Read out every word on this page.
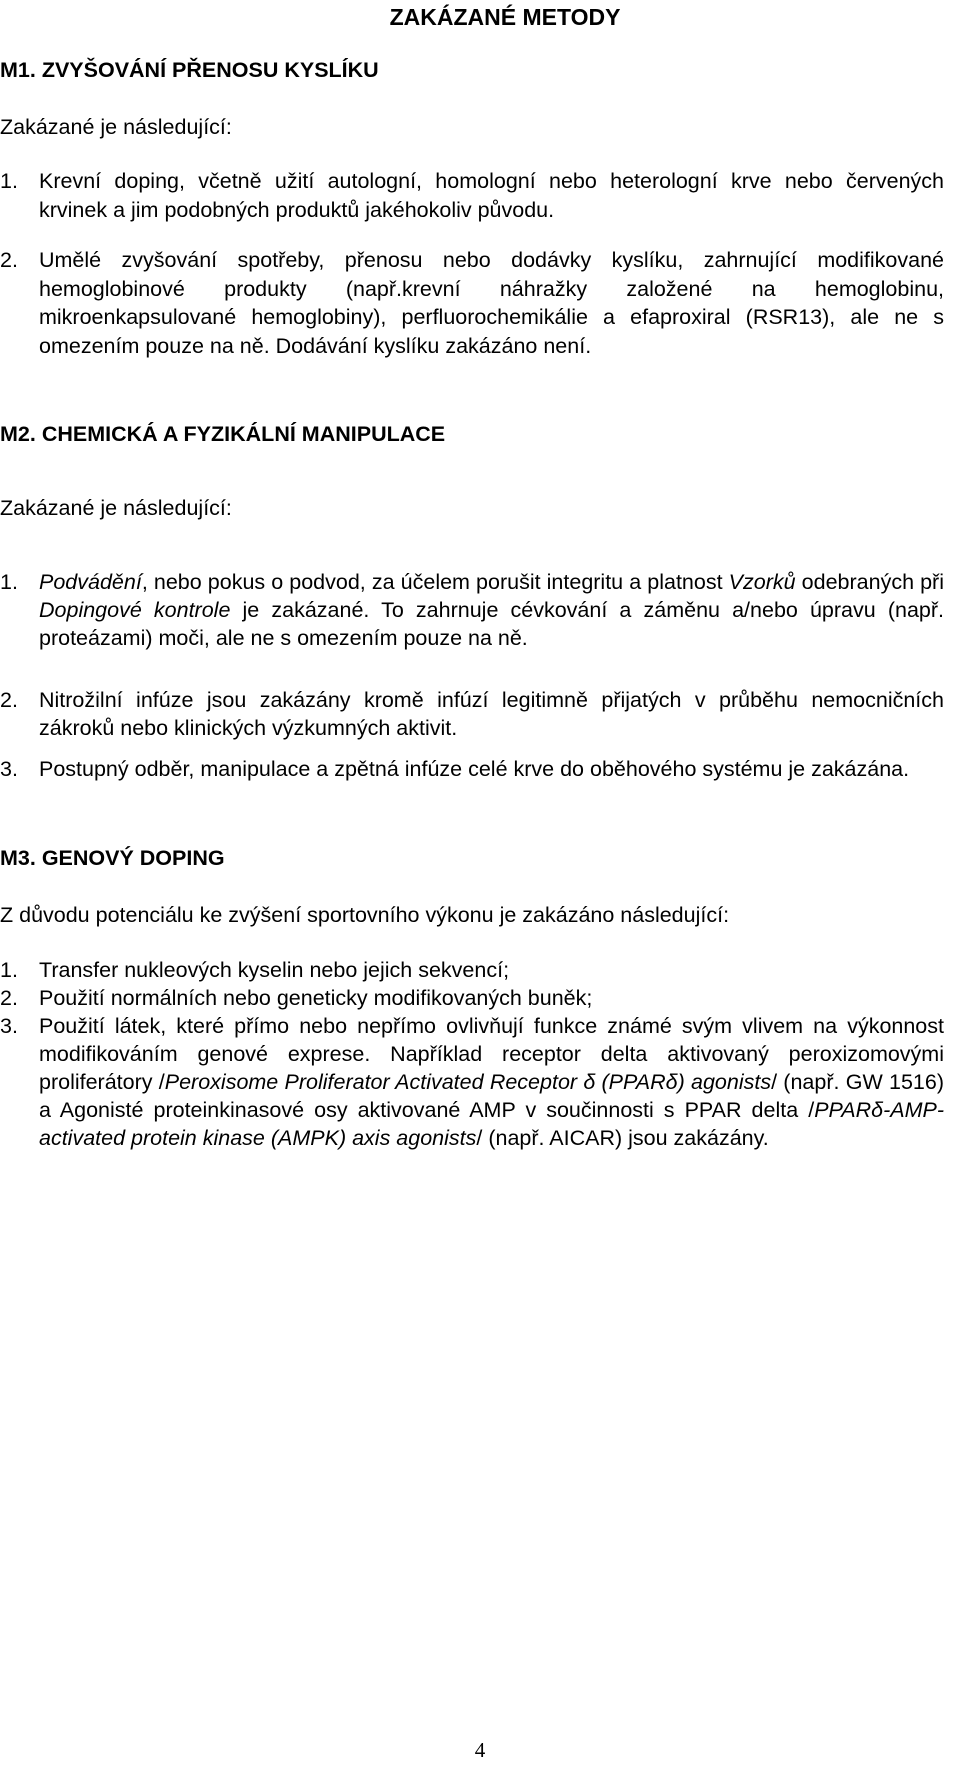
ZAKÁZANÉ METODY
M1. ZVYŠOVÁNÍ PŘENOSU KYSLÍKU
Zakázané je následující:
1. Krevní doping, včetně užití autologní, homologní nebo heterologní krve nebo červených krvinek a jim podobných produktů jakéhokoliv původu.
2. Umělé zvyšování spotřeby, přenosu nebo dodávky kyslíku, zahrnující modifikované hemoglobinové produkty (např.krevní náhražky založené na hemoglobinu, mikroenkapsulované hemoglobiny), perfluorochemikálie a efaproxiral (RSR13), ale ne s omezením pouze na ně. Dodávání kyslíku zakázáno není.
M2. CHEMICKÁ A FYZIKÁLNÍ MANIPULACE
Zakázané je následující:
1. Podvádění, nebo pokus o podvod, za účelem porušit integritu a platnost Vzorků odebraných při Dopingové kontrole je zakázané. To zahrnuje cévkování a záměnu a/nebo úpravu (např. proteázami) moči, ale ne s omezením pouze na ně.
2. Nitrožilní infúze jsou zakázány kromě infúzí legitimně přijatých v průběhu nemocničních zákroků nebo klinických výzkumných aktivit.
3. Postupný odběr, manipulace a zpětná infúze celé krve do oběhového systému je zakázána.
M3. GENOVÝ DOPING
Z důvodu potenciálu ke zvýšení sportovního výkonu je zakázáno následující:
1. Transfer nukleových kyselin nebo jejich sekvencí;
2. Použití normálních nebo geneticky modifikovaných buněk;
3. Použití látek, které přímo nebo nepřímo ovlivňují funkce známé svým vlivem na výkonnost modifikováním genové exprese. Například receptor delta aktivovaný peroxizomovými proliferátory /Peroxisome Proliferator Activated Receptor δ (PPARδ) agonists/ (např. GW 1516) a Agonisté proteinkinasové osy aktivované AMP v součinnosti s PPAR delta /PPARδ-AMP-activated protein kinase (AMPK) axis agonists/ (např. AICAR) jsou zakázány.
4
